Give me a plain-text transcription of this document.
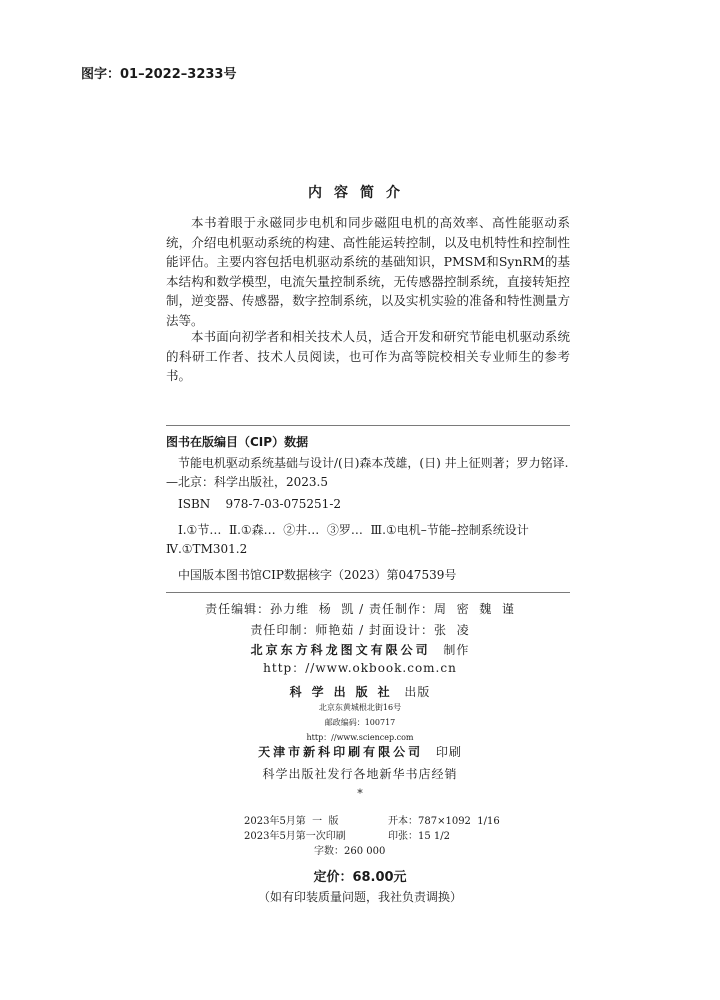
图字：01–2022–3233号
内容简介
本书着眼于永磁同步电机和同步磁阻电机的高效率、高性能驱动系统，介绍电机驱动系统的构建、高性能运转控制，以及电机特性和控制性能评估。主要内容包括电机驱动系统的基础知识，PMSM和SynRM的基本结构和数学模型，电流矢量控制系统，无传感器控制系统，直接转矩控制，逆变器、传感器，数字控制系统，以及实机实验的准备和特性测量方法等。
本书面向初学者和相关技术人员，适合开发和研究节能电机驱动系统的科研工作者、技术人员阅读，也可作为高等院校相关专业师生的参考书。
图书在版编目（CIP）数据
节能电机驱动系统基础与设计/(日)森本茂雄，(日) 井上征则著；罗力铭译.
—北京：科学出版社，2023.5
ISBN    978-7-03-075251-2
Ⅰ.①节…  Ⅱ.①森…  ②井…  ③罗…  Ⅲ.①电机–节能–控制系统设计
Ⅳ.①TM301.2
中国版本图书馆CIP数据核字（2023）第047539号
责任编辑：孙力维  杨  凯 / 责任制作：周  密  魏  谨
责任印制：师艳茹 / 封面设计：张  凌
北京东方科龙图文有限公司 制作
http：//www.okbook.com.cn
科学出版社 出版
北京东黄城根北街16号
邮政编码：100717
http：//www.sciencep.com
天津市新科印刷有限公司 印刷
科学出版社发行各地新华书店经销
*
2023年5月第  一  版	开本：787×1092  1/16
2023年5月第一次印刷	印张：15 1/2
字数：260 000
定价：68.00元
（如有印装质量问题，我社负责调换）
